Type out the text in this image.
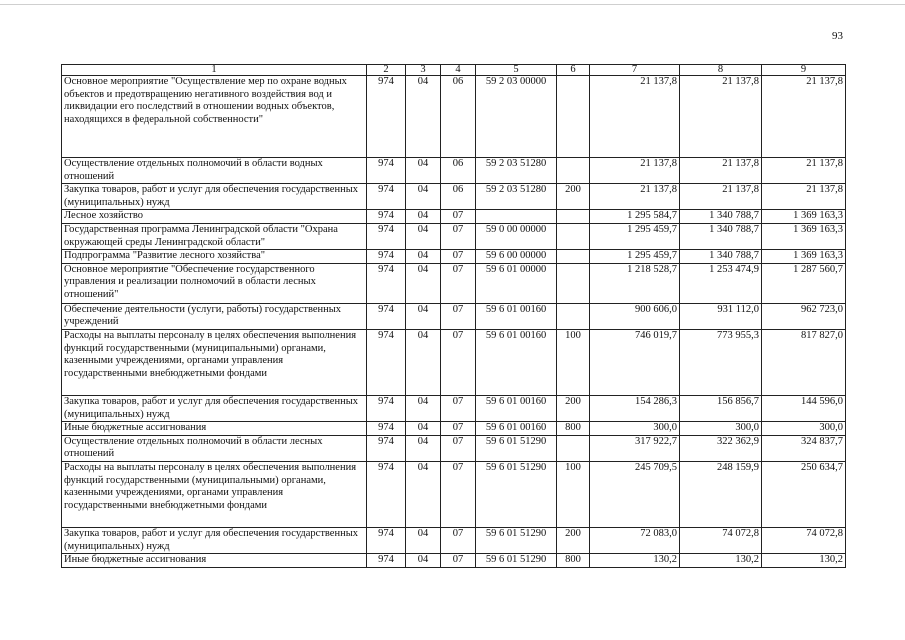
93
1	2	3	4	5	6	7	8	9
Основное мероприятие "Осуществление мер по охране водных объектов и предотвращению негативного воздействия вод и ликвидации его последствий в отношении водных объектов, находящихся в федеральной собственности"	974	04	06	59 2 03 00000		21 137,8	21 137,8	21 137,8
Осуществление отдельных полномочий в области водных отношений	974	04	06	59 2 03 51280		21 137,8	21 137,8	21 137,8
Закупка товаров, работ и услуг для обеспечения государственных (муниципальных) нужд	974	04	06	59 2 03 51280	200	21 137,8	21 137,8	21 137,8
Лесное хозяйство	974	04	07			1 295 584,7	1 340 788,7	1 369 163,3
Государственная программа Ленинградской области "Охрана окружающей среды Ленинградской области"	974	04	07	59 0 00 00000		1 295 459,7	1 340 788,7	1 369 163,3
Подпрограмма "Развитие лесного хозяйства"	974	04	07	59 6 00 00000		1 295 459,7	1 340 788,7	1 369 163,3
Основное мероприятие "Обеспечение государственного управления и реализации полномочий в области лесных отношений"	974	04	07	59 6 01 00000		1 218 528,7	1 253 474,9	1 287 560,7
Обеспечение деятельности (услуги, работы) государственных учреждений	974	04	07	59 6 01 00160		900 606,0	931 112,0	962 723,0
Расходы на выплаты персоналу в целях обеспечения выполнения функций государственными (муниципальными) органами, казенными учреждениями, органами управления государственными внебюджетными фондами	974	04	07	59 6 01 00160	100	746 019,7	773 955,3	817 827,0
Закупка товаров, работ и услуг для обеспечения государственных (муниципальных) нужд	974	04	07	59 6 01 00160	200	154 286,3	156 856,7	144 596,0
Иные бюджетные ассигнования	974	04	07	59 6 01 00160	800	300,0	300,0	300,0
Осуществление отдельных полномочий в области лесных отношений	974	04	07	59 6 01 51290		317 922,7	322 362,9	324 837,7
Расходы на выплаты персоналу в целях обеспечения выполнения функций государственными (муниципальными) органами, казенными учреждениями, органами управления государственными внебюджетными фондами	974	04	07	59 6 01 51290	100	245 709,5	248 159,9	250 634,7
Закупка товаров, работ и услуг для обеспечения государственных (муниципальных) нужд	974	04	07	59 6 01 51290	200	72 083,0	74 072,8	74 072,8
Иные бюджетные ассигнования	974	04	07	59 6 01 51290	800	130,2	130,2	130,2
